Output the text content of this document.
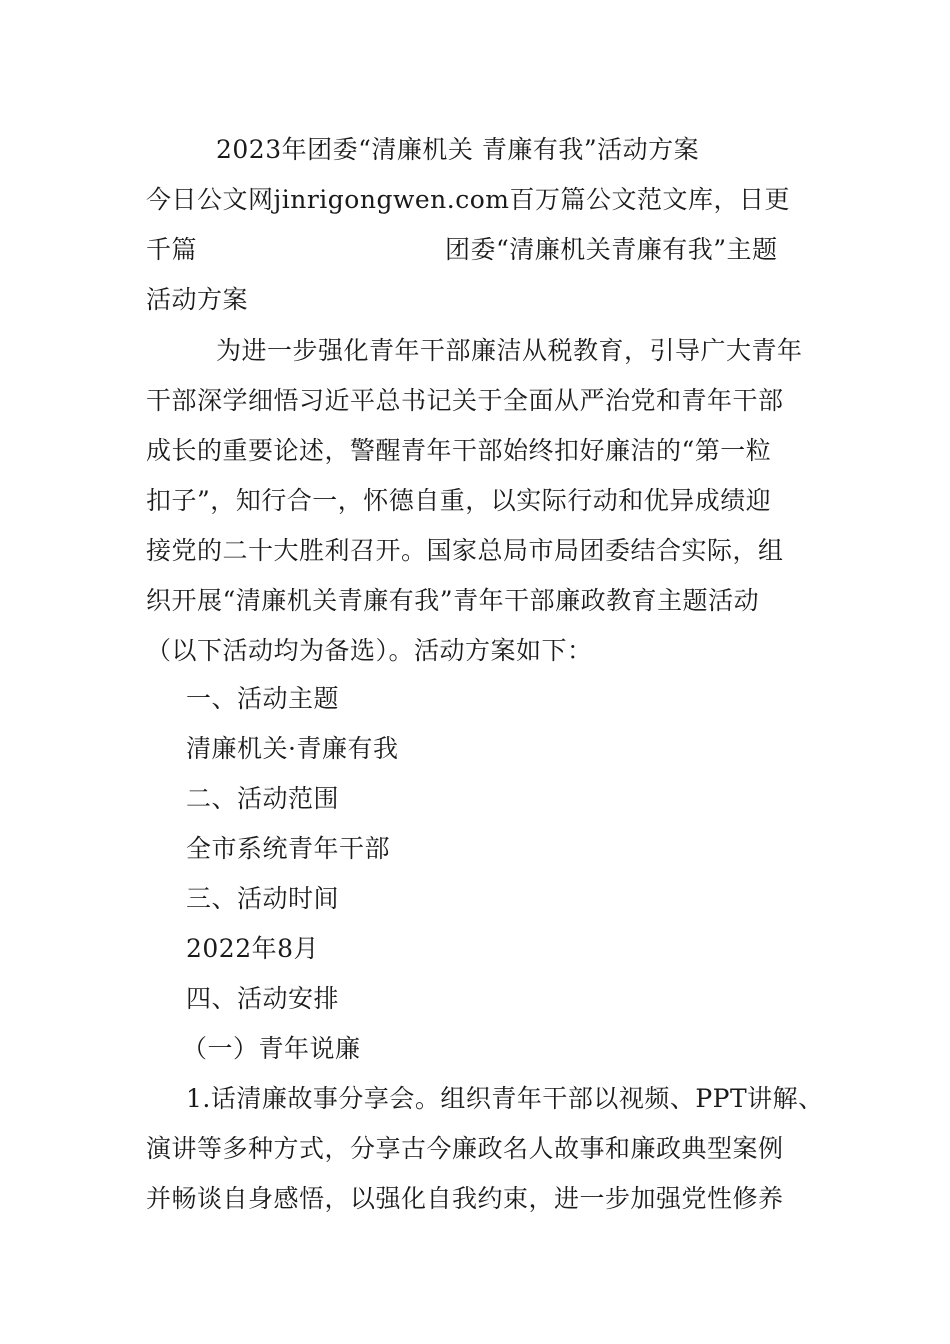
2023年团委“清廉机关 青廉有我”活动方案
今日公文网jinrigongwen.com百万篇公文范文库，日更
千篇	团委“清廉机关青廉有我”主题
活动方案
为进一步强化青年干部廉洁从税教育，引导广大青年
干部深学细悟习近平总书记关于全面从严治党和青年干部
成长的重要论述，警醒青年干部始终扣好廉洁的“第一粒
扣子”，知行合一，怀德自重，以实际行动和优异成绩迎
接党的二十大胜利召开。国家总局市局团委结合实际，组
织开展“清廉机关青廉有我”青年干部廉政教育主题活动
（以下活动均为备选）。活动方案如下：
一、活动主题
清廉机关·青廉有我
二、活动范围
全市系统青年干部
三、活动时间
2022年8月
四、活动安排
（一）青年说廉
1.话清廉故事分享会。组织青年干部以视频、PPT讲解、
演讲等多种方式，分享古今廉政名人故事和廉政典型案例
并畅谈自身感悟，以强化自我约束，进一步加强党性修养
